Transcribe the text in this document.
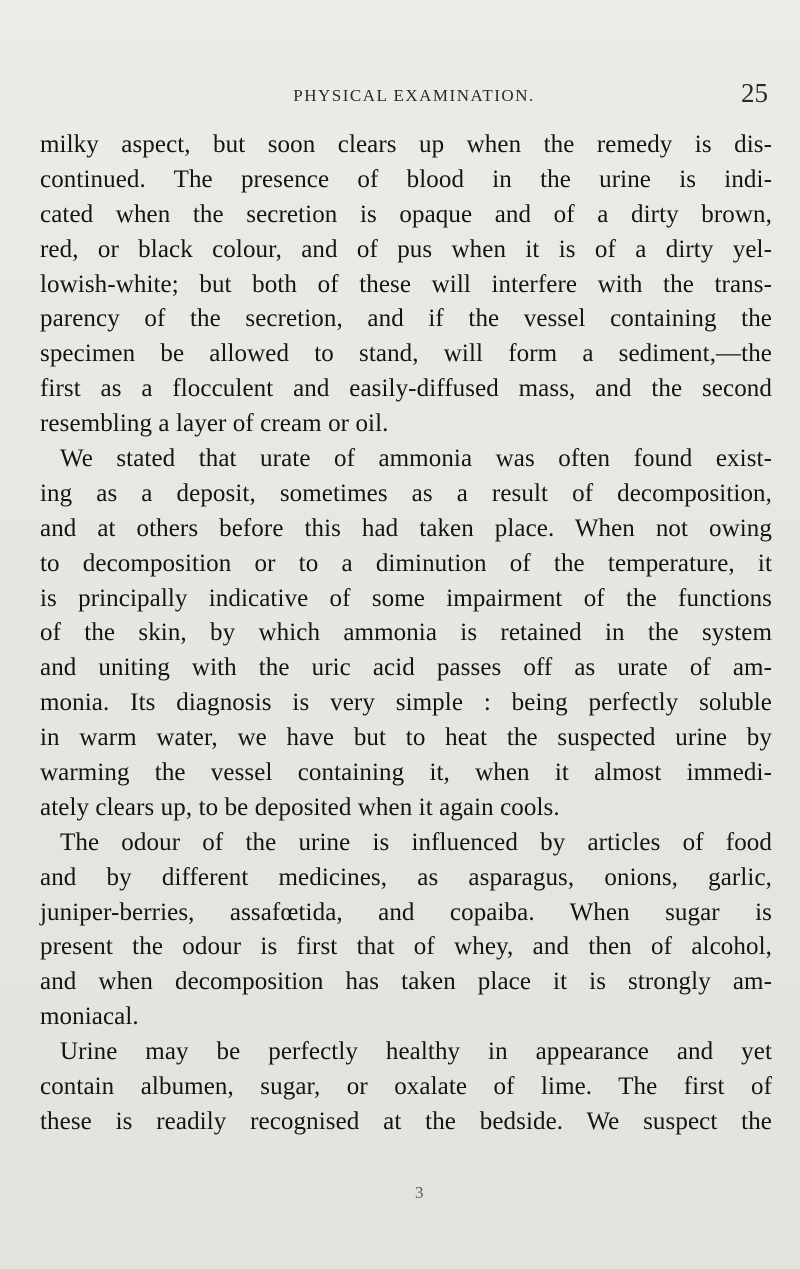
PHYSICAL EXAMINATION.	25
milky aspect, but soon clears up when the remedy is dis-
continued. The presence of blood in the urine is indi-
cated when the secretion is opaque and of a dirty brown,
red, or black colour, and of pus when it is of a dirty yel-
lowish-white; but both of these will interfere with the trans-
parency of the secretion, and if the vessel containing the
specimen be allowed to stand, will form a sediment,—the
first as a flocculent and easily-diffused mass, and the second
resembling a layer of cream or oil.
We stated that urate of ammonia was often found exist-
ing as a deposit, sometimes as a result of decomposition,
and at others before this had taken place. When not owing
to decomposition or to a diminution of the temperature, it
is principally indicative of some impairment of the functions
of the skin, by which ammonia is retained in the system
and uniting with the uric acid passes off as urate of am-
monia. Its diagnosis is very simple : being perfectly soluble
in warm water, we have but to heat the suspected urine by
warming the vessel containing it, when it almost immedi-
ately clears up, to be deposited when it again cools.
The odour of the urine is influenced by articles of food
and by different medicines, as asparagus, onions, garlic,
juniper-berries, assafœtida, and copaiba. When sugar is
present the odour is first that of whey, and then of alcohol,
and when decomposition has taken place it is strongly am-
moniacal.
Urine may be perfectly healthy in appearance and yet
contain albumen, sugar, or oxalate of lime. The first of
these is readily recognised at the bedside. We suspect the
3
